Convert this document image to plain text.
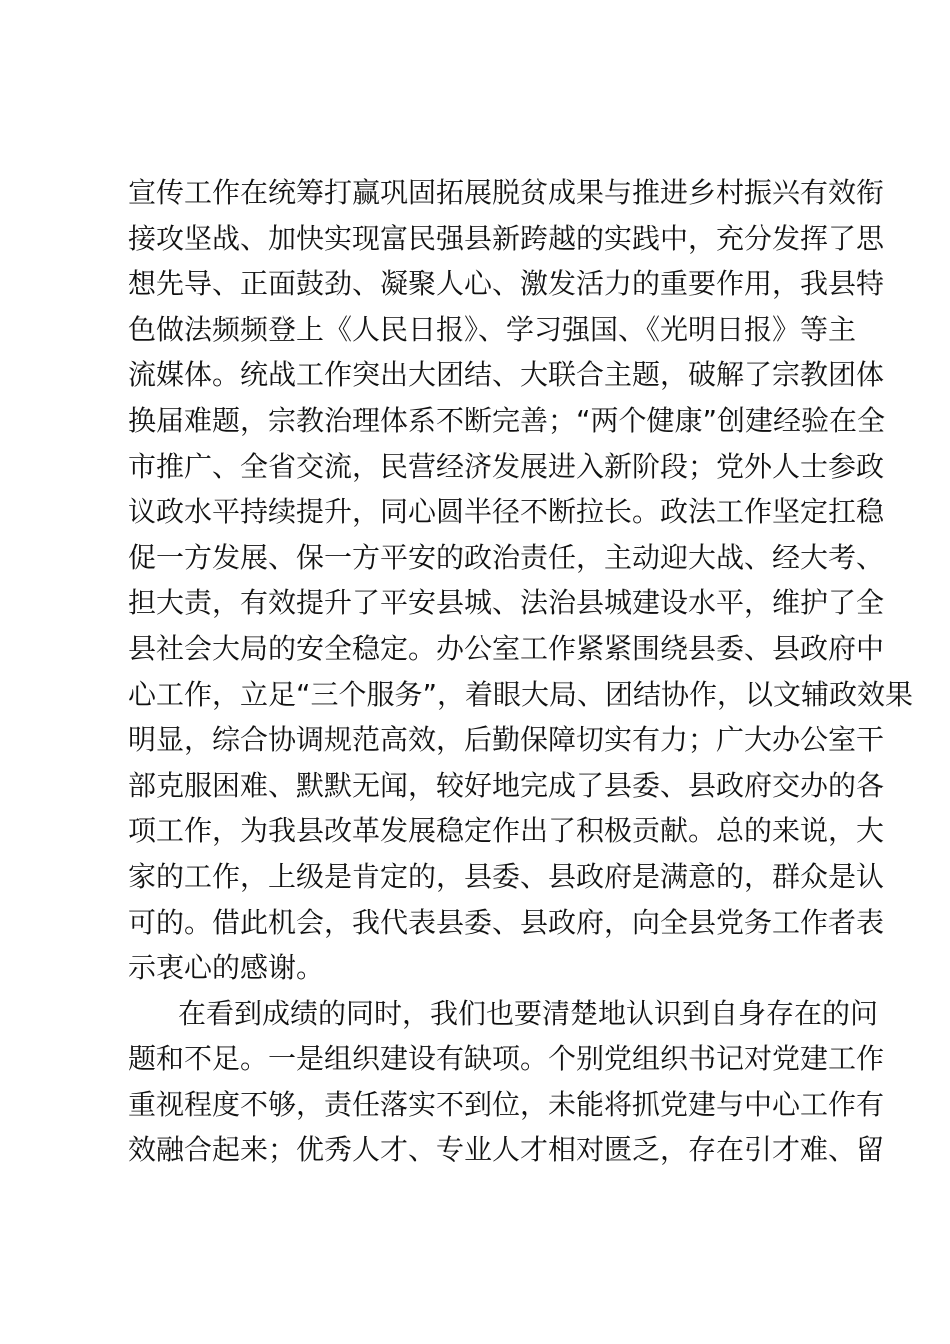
宣传工作在统筹打赢巩固拓展脱贫成果与推进乡村振兴有效衔
接攻坚战、加快实现富民强县新跨越的实践中，充分发挥了思
想先导、正面鼓劲、凝聚人心、激发活力的重要作用，我县特
色做法频频登上《人民日报》、学习强国、《光明日报》等主
流媒体。统战工作突出大团结、大联合主题，破解了宗教团体
换届难题，宗教治理体系不断完善；“两个健康”创建经验在全
市推广、全省交流，民营经济发展进入新阶段；党外人士参政
议政水平持续提升，同心圆半径不断拉长。政法工作坚定扛稳
促一方发展、保一方平安的政治责任，主动迎大战、经大考、
担大责，有效提升了平安县城、法治县城建设水平，维护了全
县社会大局的安全稳定。办公室工作紧紧围绕县委、县政府中
心工作，立足“三个服务”，着眼大局、团结协作，以文辅政效果
明显，综合协调规范高效，后勤保障切实有力；广大办公室干
部克服困难、默默无闻，较好地完成了县委、县政府交办的各
项工作，为我县改革发展稳定作出了积极贡献。总的来说，大
家的工作，上级是肯定的，县委、县政府是满意的，群众是认
可的。借此机会，我代表县委、县政府，向全县党务工作者表
示衷心的感谢。
在看到成绩的同时，我们也要清楚地认识到自身存在的问
题和不足。一是组织建设有缺项。个别党组织书记对党建工作
重视程度不够，责任落实不到位，未能将抓党建与中心工作有
效融合起来；优秀人才、专业人才相对匮乏，存在引才难、留
